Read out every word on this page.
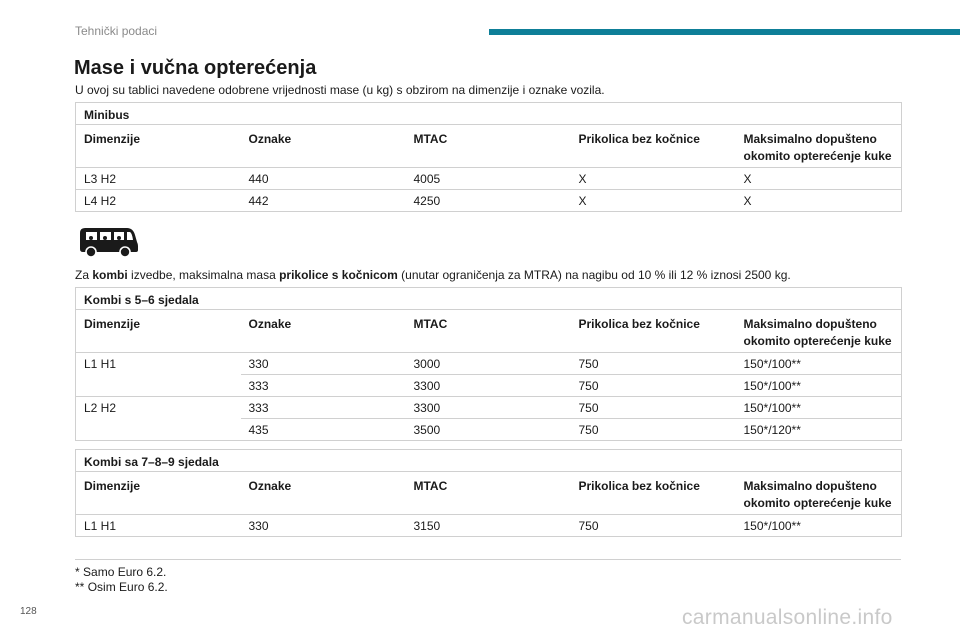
Tehnički podaci
Mase i vučna opterećenja

U ovoj su tablici navedene odobrene vrijednosti mase (u kg) s obzirom na dimenzije i oznake vozila.

Minibus				
Dimenzije	Oznake	MTAC	Prikolica bez kočnice	Maksimalno dopušteno okomito opterećenje kuke
L3 H2	440	4005	X	X
L4 H2	442	4250	X	X

Za kombi izvedbe, maksimalna masa prikolice s kočnicom (unutar ograničenja za MTRA) na nagibu od 10 % ili 12 % iznosi 2500 kg.

Kombi s 5–6 sjedala				
Dimenzije	Oznake	MTAC	Prikolica bez kočnice	Maksimalno dopušteno okomito opterećenje kuke
L1 H1	330	3000	750	150*/100**
	333	3300	750	150*/100**
L2 H2	333	3300	750	150*/100**
	435	3500	750	150*/120**
Kombi sa 7–8–9 sjedala				
Dimenzije	Oznake	MTAC	Prikolica bez kočnice	Maksimalno dopušteno okomito opterećenje kuke
L1 H1	330	3150	750	150*/100**
* Samo Euro 6.2.
** Osim Euro 6.2.
128	carmanualsonline.info
